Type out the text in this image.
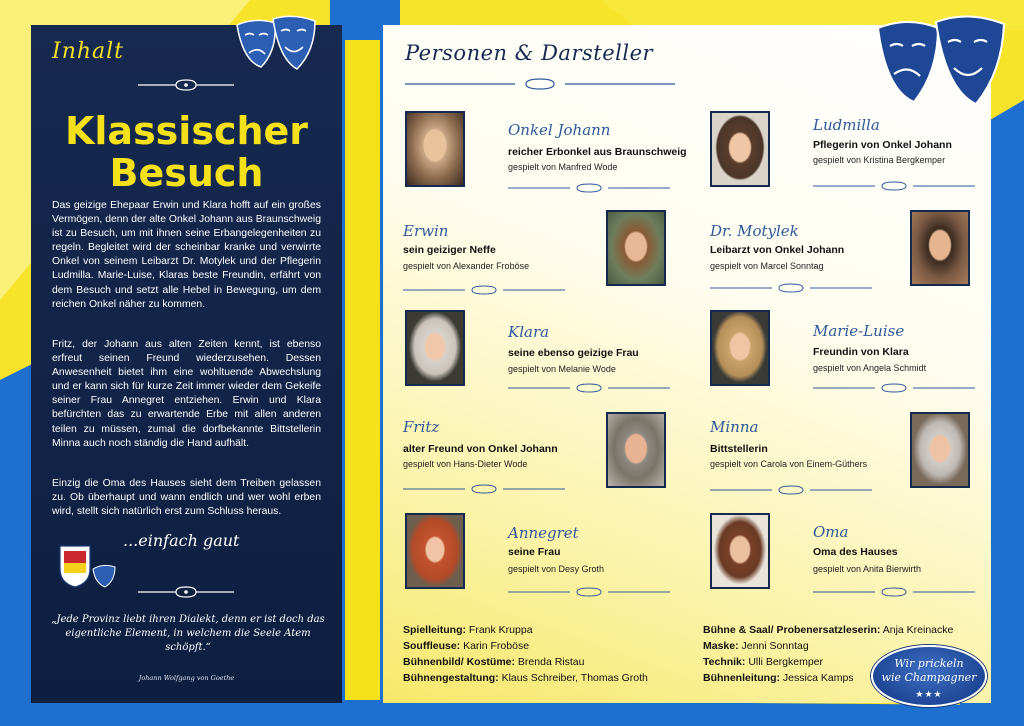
Inhalt
Klassischer
Besuch
Das geizige Ehepaar Erwin und Klara hofft auf ein großes Vermögen, denn der alte Onkel Johann aus Braunschweig ist zu Besuch, um mit ihnen seine Erbangelegenheiten zu regeln. Begleitet wird der scheinbar kranke und verwirrte Onkel von seinem Leibarzt Dr. Motylek und der Pflegerin Ludmilla. Marie-Luise, Klaras beste Freundin, erfährt von dem Besuch und setzt alle Hebel in Bewegung, um dem reichen Onkel näher zu kommen.
Fritz, der Johann aus alten Zeiten kennt, ist ebenso erfreut seinen Freund wiederzusehen. Dessen Anwesenheit bietet ihm eine wohltuende Abwechslung und er kann sich für kurze Zeit immer wieder dem Gekeife seiner Frau Annegret entziehen. Erwin und Klara befürchten das zu erwartende Erbe mit allen anderen teilen zu müssen, zumal die dorfbekannte Bittstellerin Minna auch noch ständig die Hand aufhält.
Einzig die Oma des Hauses sieht dem Treiben gelassen zu. Ob überhaupt und wann endlich und wer wohl erben wird, stellt sich natürlich erst zum Schluss heraus.
...einfach gaut
„Jede Provinz liebt ihren Dialekt, denn er ist doch das eigentliche Element, in welchem die Seele Atem schöpft.“
Johann Wolfgang von Goethe
Personen & Darsteller
Onkel Johann
reicher Erbonkel aus Braunschweig
gespielt von Manfred Wode
Ludmilla
Pflegerin von Onkel Johann
gespielt von Kristina Bergkemper
Erwin
sein geiziger Neffe
gespielt von Alexander Froböse
Dr. Motylek
Leibarzt von Onkel Johann
gespielt von Marcel Sonntag
Klara
seine ebenso geizige Frau
gespielt von Melanie Wode
Marie-Luise
Freundin von Klara
gespielt von Angela Schmidt
Fritz
alter Freund von Onkel Johann
gespielt von Hans-Dieter Wode
Minna
Bittstellerin
gespielt von Carola von Einem-Güthers
Annegret
seine Frau
gespielt von Desy Groth
Oma
Oma des Hauses
gespielt von Anita Bierwirth
Spielleitung: Frank Kruppa
Souffleuse: Karin Froböse
Bühnenbild/ Kostüme: Brenda Ristau
Bühnengestaltung: Klaus Schreiber, Thomas Groth
Bühne & Saal/ Probenersatzleserin: Anja Kreinacke
Maske: Jenni Sonntag
Technik: Ulli Bergkemper
Bühnenleitung: Jessica Kamps
Wir prickeln
wie Champagner
★★★
